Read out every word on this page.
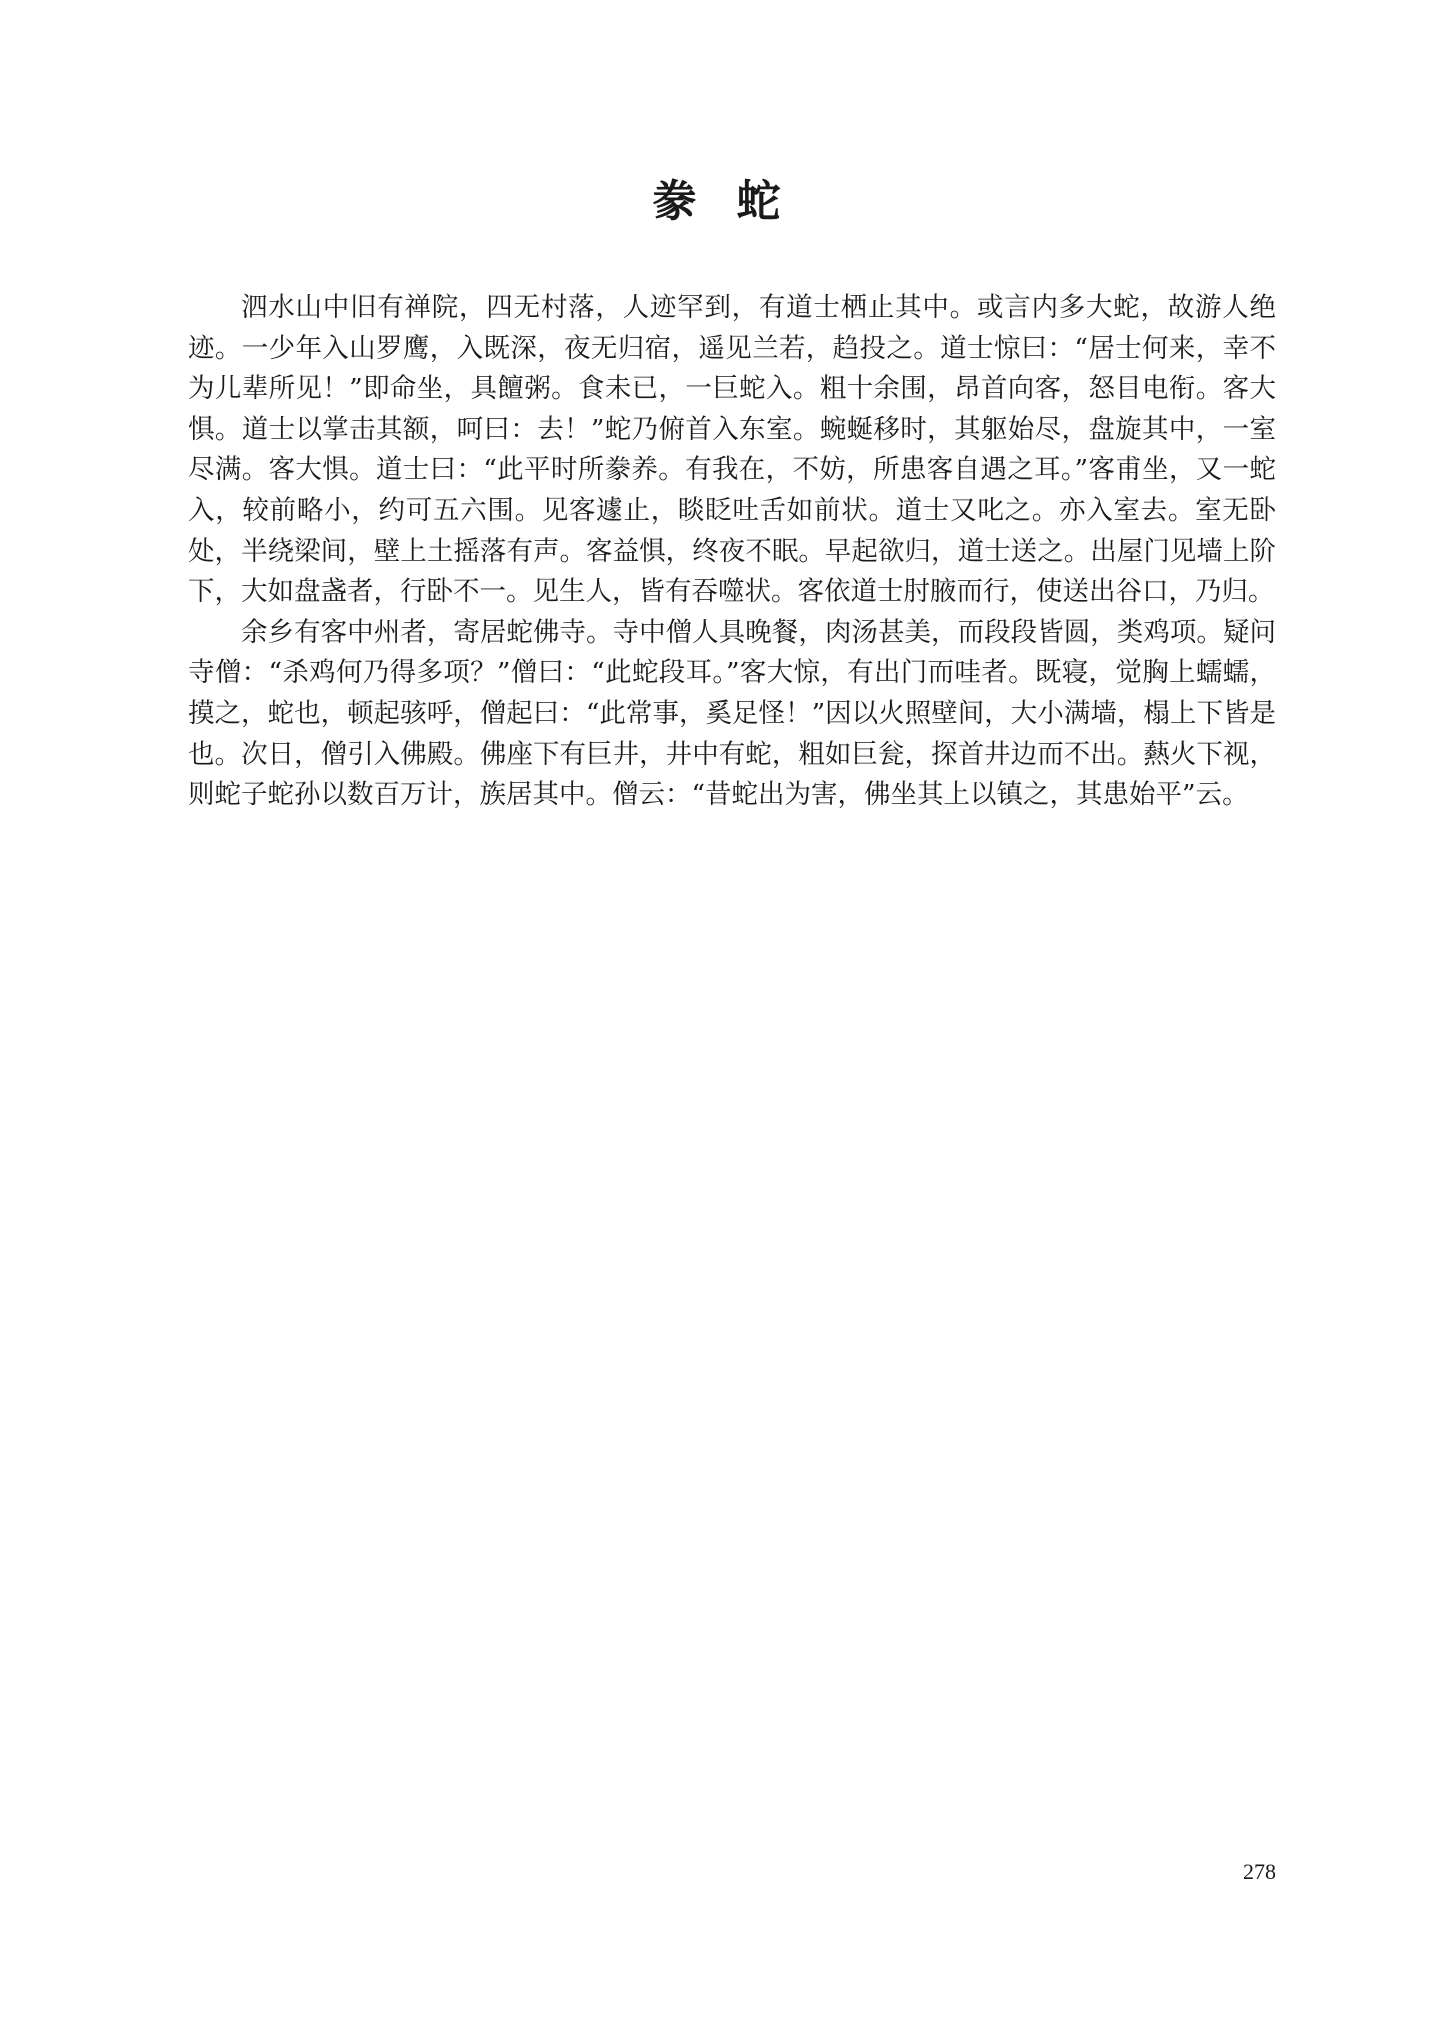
豢蛇

泗水山中旧有禅院，四无村落，人迹罕到，有道士栖止其中。或言内多大蛇，故游人绝迹。一少年入山罗鹰，入既深，夜无归宿，遥见兰若，趋投之。道士惊曰：“居士何来，幸不为儿辈所见！”即命坐，具饘粥。食未已，一巨蛇入。粗十余围，昂首向客，怒目电衔。客大惧。道士以掌击其额，呵曰：去！”蛇乃俯首入东室。蜿蜒移时，其躯始尽，盘旋其中，一室尽满。客大惧。道士曰：“此平时所豢养。有我在，不妨，所患客自遇之耳。”客甫坐，又一蛇入，较前略小，约可五六围。见客遽止，睒眨吐舌如前状。道士又叱之。亦入室去。室无卧处，半绕梁间，壁上土摇落有声。客益惧，终夜不眠。早起欲归，道士送之。出屋门见墙上阶下，大如盘盏者，行卧不一。见生人，皆有吞噬状。客依道士肘腋而行，使送出谷口，乃归。

余乡有客中州者，寄居蛇佛寺。寺中僧人具晚餐，肉汤甚美，而段段皆圆，类鸡项。疑问寺僧：“杀鸡何乃得多项？”僧曰：“此蛇段耳。”客大惊，有出门而哇者。既寝，觉胸上蠕蠕，摸之，蛇也，顿起骇呼，僧起曰：“此常事，奚足怪！”因以火照壁间，大小满墙，榻上下皆是也。次日，僧引入佛殿。佛座下有巨井，井中有蛇，粗如巨瓮，探首井边而不出。爇火下视，则蛇子蛇孙以数百万计，族居其中。僧云：“昔蛇出为害，佛坐其上以镇之，其患始平”云。

278
